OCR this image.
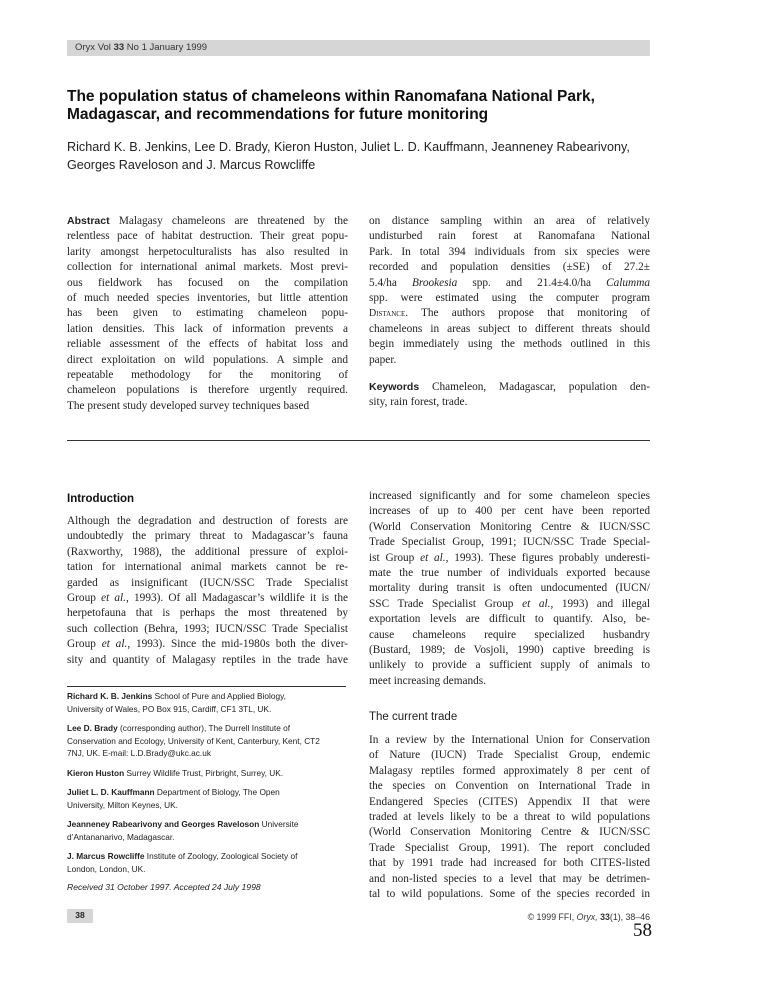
Oryx Vol 33 No 1 January 1999
The population status of chameleons within Ranomafana National Park,
Madagascar, and recommendations for future monitoring
Richard K. B. Jenkins, Lee D. Brady, Kieron Huston, Juliet L. D. Kauffmann, Jeanneney Rabearivony,
Georges Raveloson and J. Marcus Rowcliffe
Abstract Malagasy chameleons are threatened by the
relentless pace of habitat destruction. Their great popu-
larity amongst herpetoculturalists has also resulted in
collection for international animal markets. Most previ-
ous fieldwork has focused on the compilation
of much needed species inventories, but little attention
has been given to estimating chameleon popu-
lation densities. This lack of information prevents a
reliable assessment of the effects of habitat loss and
direct exploitation on wild populations. A simple and
repeatable methodology for the monitoring of
chameleon populations is therefore urgently required.
The present study developed survey techniques based
on distance sampling within an area of relatively
undisturbed rain forest at Ranomafana National
Park. In total 394 individuals from six species were
recorded and population densities (±SE) of 27.2±
5.4/ha Brookesia spp. and 21.4±4.0/ha Calumma
spp. were estimated using the computer program
Distance. The authors propose that monitoring of
chameleons in areas subject to different threats should
begin immediately using the methods outlined in this
paper.
Keywords Chameleon, Madagascar, population den-
sity, rain forest, trade.
Introduction
Although the degradation and destruction of forests are
undoubtedly the primary threat to Madagascar’s fauna
(Raxworthy, 1988), the additional pressure of exploi-
tation for international animal markets cannot be re-
garded as insignificant (IUCN/SSC Trade Specialist
Group et al., 1993). Of all Madagascar’s wildlife it is the
herpetofauna that is perhaps the most threatened by
such collection (Behra, 1993; IUCN/SSC Trade Specialist
Group et al., 1993). Since the mid-1980s both the diver-
sity and quantity of Malagasy reptiles in the trade have
Richard K. B. Jenkins School of Pure and Applied Biology,
University of Wales, PO Box 915, Cardiff, CF1 3TL, UK.
Lee D. Brady (corresponding author), The Durrell Institute of
Conservation and Ecology, University of Kent, Canterbury, Kent, CT2
7NJ, UK. E-mail: L.D.Brady@ukc.ac.uk
Kieron Huston Surrey Wildlife Trust, Pirbright, Surrey, UK.
Juliet L. D. Kauffmann Department of Biology, The Open
University, Milton Keynes, UK.
Jeanneney Rabearivony and Georges Raveloson Universite
d’Antananarivo, Madagascar.
J. Marcus Rowcliffe Institute of Zoology, Zoological Society of
London, London, UK.
Received 31 October 1997. Accepted 24 July 1998
increased significantly and for some chameleon species
increases of up to 400 per cent have been reported
(World Conservation Monitoring Centre & IUCN/SSC
Trade Specialist Group, 1991; IUCN/SSC Trade Special-
ist Group et al., 1993). These figures probably underesti-
mate the true number of individuals exported because
mortality during transit is often undocumented (IUCN/
SSC Trade Specialist Group et al., 1993) and illegal
exportation levels are difficult to quantify. Also, be-
cause chameleons require specialized husbandry
(Bustard, 1989; de Vosjoli, 1990) captive breeding is
unlikely to provide a sufficient supply of animals to
meet increasing demands.
The current trade
In a review by the International Union for Conservation
of Nature (IUCN) Trade Specialist Group, endemic
Malagasy reptiles formed approximately 8 per cent of
the species on Convention on International Trade in
Endangered Species (CITES) Appendix II that were
traded at levels likely to be a threat to wild populations
(World Conservation Monitoring Centre & IUCN/SSC
Trade Specialist Group, 1991). The report concluded
that by 1991 trade had increased for both CITES-listed
and non-listed species to a level that may be detrimen-
tal to wild populations. Some of the species recorded in
38	© 1999 FFI, Oryx, 33(1), 38–46
58
